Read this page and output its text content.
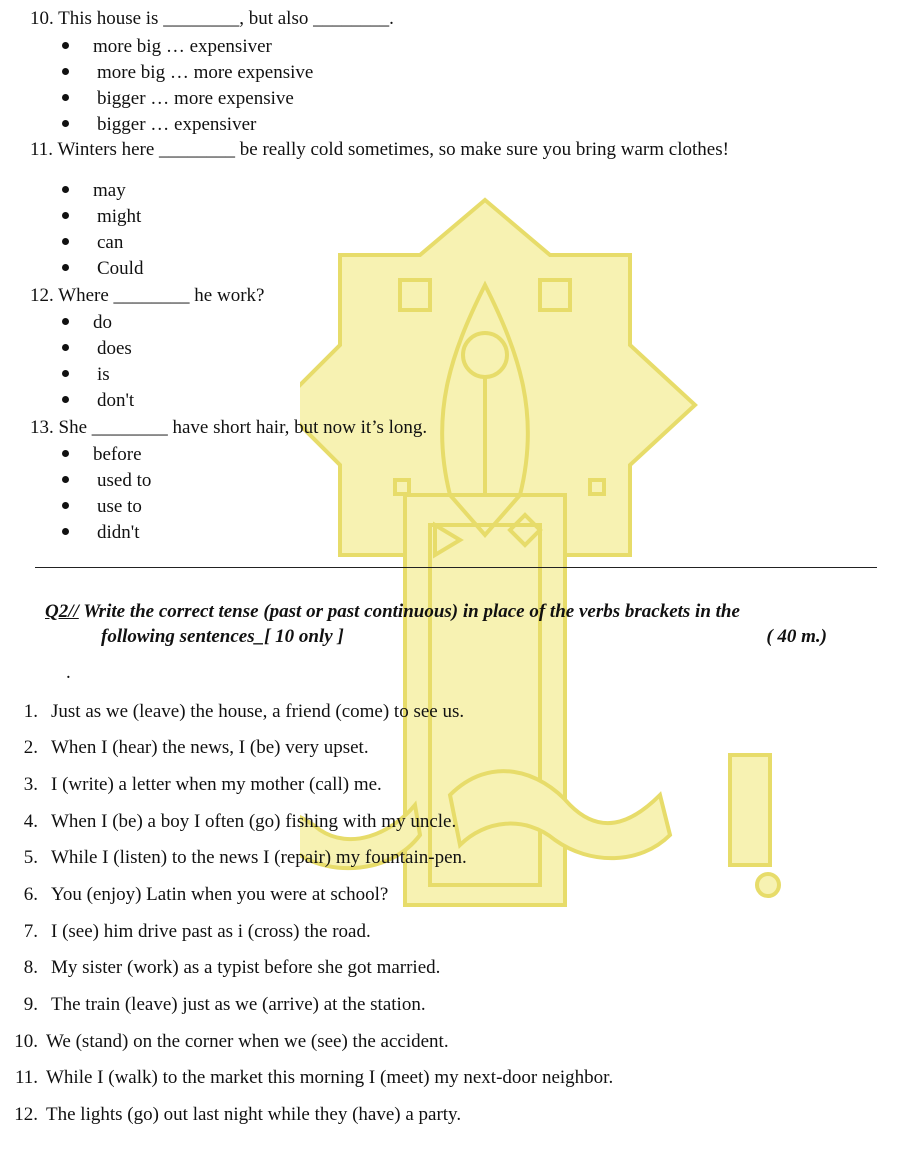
10. This house is ________, but also ________.
more big … expensiver
more big … more expensive
bigger … more expensive
bigger … expensiver
11. Winters here ________ be really cold sometimes, so make sure you bring warm clothes!
may
might
can
Could
12. Where ________ he work?
do
does
is
don't
13. She ________ have short hair, but now it’s long.
before
used to
use to
didn't
Q2// Write the correct tense (past or past continuous) in place of the verbs brackets in the
following sentences_[ 10 only ]	( 40 m.)
.
1. Just as we (leave) the house, a friend (come) to see us.
2. When I (hear) the news, I (be) very upset.
3. I (write) a letter when my mother (call) me.
4. When I (be) a boy I often (go) fishing with my uncle.
5. While I (listen) to the news I (repair) my fountain-pen.
6. You (enjoy) Latin when you were at school?
7. I (see) him drive past as i (cross) the road.
8. My sister (work) as a typist before she got married.
9. The train (leave) just as we (arrive) at the station.
10. We (stand) on the corner when we (see) the accident.
11. While I (walk) to the market this morning I (meet) my next-door neighbor.
12. The lights (go) out last night while they (have) a party.
